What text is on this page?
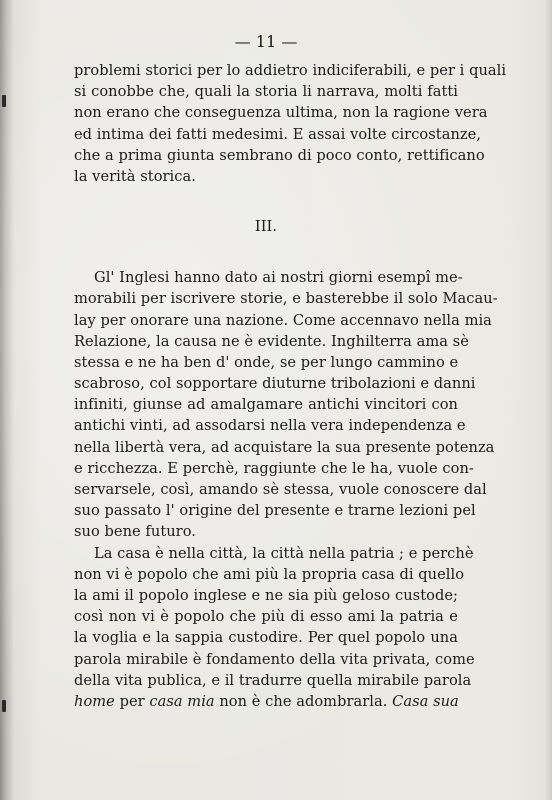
— 11 —
problemi storici per lo addietro indiciferabili, e per i quali
si conobbe che, quali la storia li narrava, molti fatti
non erano che conseguenza ultima, non la ragione vera
ed intima dei fatti medesimi. E assai volte circostanze,
che a prima giunta sembrano di poco conto, rettificano
la verità storica.
III.
Gl' Inglesi hanno dato ai nostri giorni esempî me-
morabili per iscrivere storie, e basterebbe il solo Macau-
lay per onorare una nazione. Come accennavo nella mia
Relazione, la causa ne è evidente. Inghilterra ama sè
stessa e ne ha ben d' onde, se per lungo cammino e
scabroso, col sopportare diuturne tribolazioni e danni
infiniti, giunse ad amalgamare antichi vincitori con
antichi vinti, ad assodarsi nella vera independenza e
nella libertà vera, ad acquistare la sua presente potenza
e ricchezza. E perchè, raggiunte che le ha, vuole con-
servarsele, così, amando sè stessa, vuole conoscere dal
suo passato l' origine del presente e trarne lezioni pel
suo bene futuro.
La casa è nella città, la città nella patria ; e perchè
non vi è popolo che ami più la propria casa di quello
la ami il popolo inglese e ne sia più geloso custode;
così non vi è popolo che più di esso ami la patria e
la voglia e la sappia custodire. Per quel popolo una
parola mirabile è fondamento della vita privata, come
della vita publica, e il tradurre quella mirabile parola
home per casa mia non è che adombrarla. Casa sua
